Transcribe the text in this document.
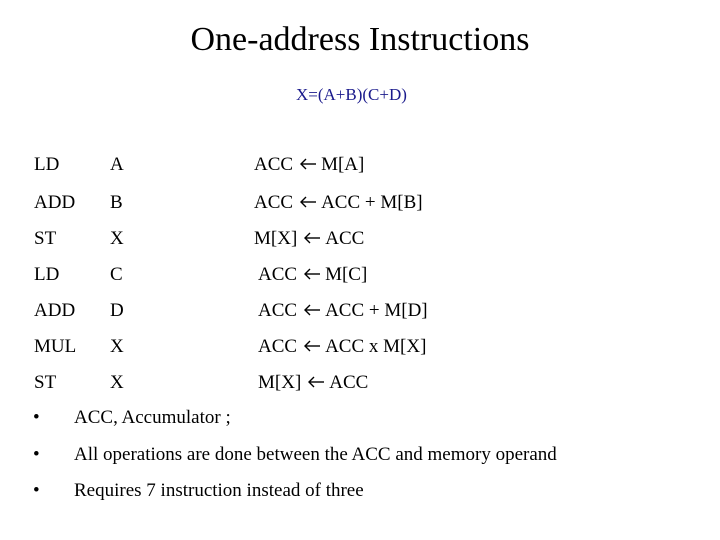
One-address Instructions
X=(A+B)(C+D)
LD	A	ACC M[A]
ADD B	ACC ACC + M[B]
ST	X	M[X] ACC
LD	C	ACC M[C]
ADD D	ACC ACC + M[D]
MUL X	ACC ACC x M[X]
ST	X	M[X] ACC
• ACC, Accumulator ;
• All operations are done between the ACC and memory operand
• Requires 7 instruction instead of three
